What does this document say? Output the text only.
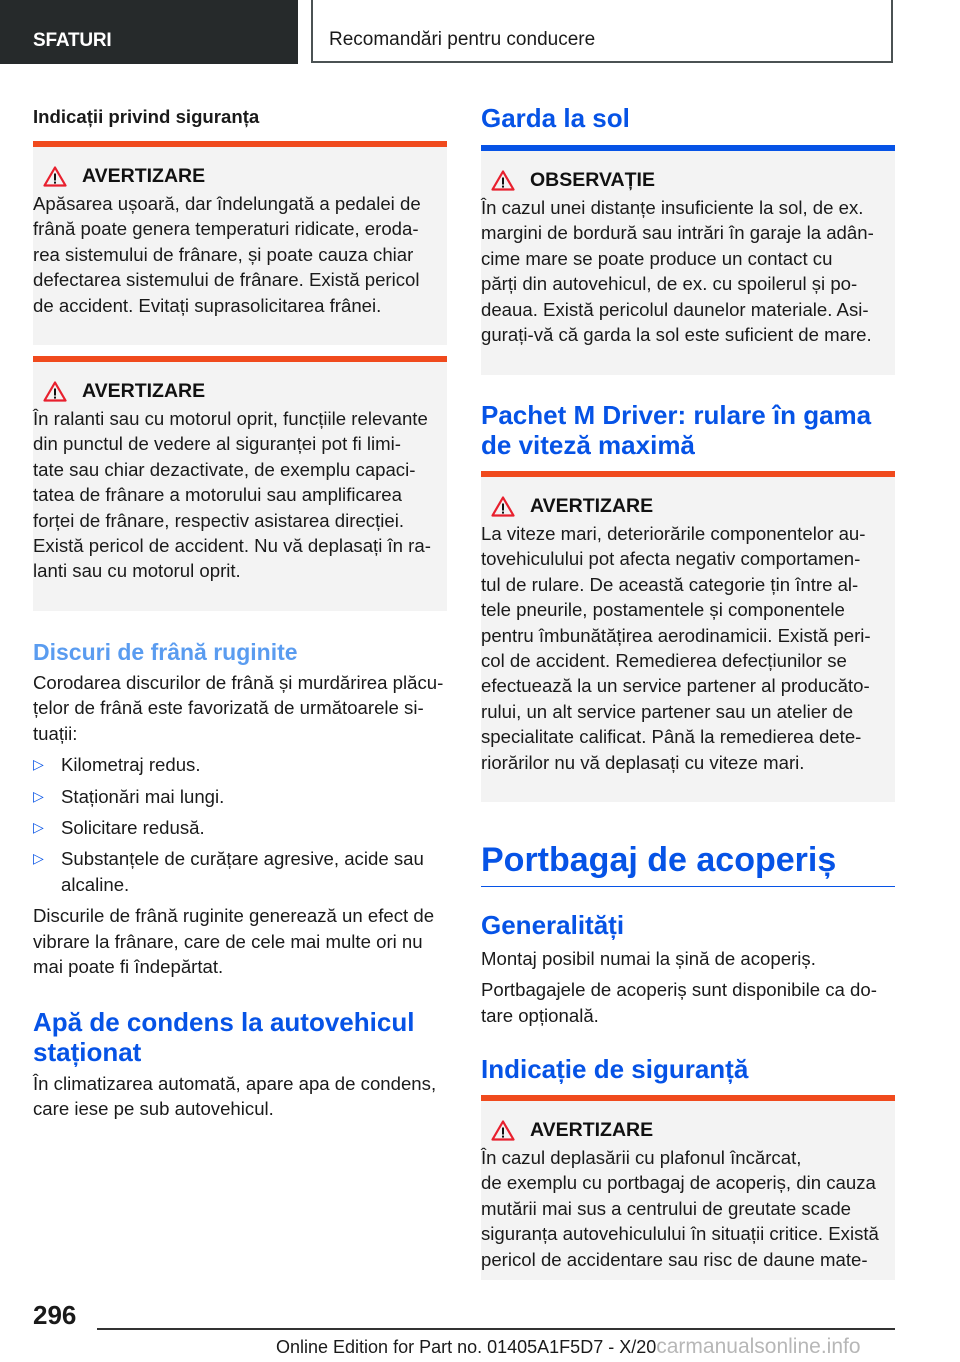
SFATURI	Recomandări pentru conducere
Indicații privind siguranța
AVERTIZARE

Apăsarea ușoară, dar îndelungată a pedalei de

frână poate genera temperaturi ridicate, eroda-

rea sistemului de frânare, și poate cauza chiar

defectarea sistemului de frânare. Există pericol

de accident. Evitați suprasolicitarea frânei.

AVERTIZARE

În ralanti sau cu motorul oprit, funcțiile relevante

din punctul de vedere al siguranței pot fi limi-

tate sau chiar dezactivate, de exemplu capaci-

tatea de frânare a motorului sau amplificarea

forței de frânare, respectiv asistarea direcției.

Există pericol de accident. Nu vă deplasați în ra-

lanti sau cu motorul oprit.

Discuri de frână ruginite

Corodarea discurilor de frână și murdărirea plăcu-

țelor de frână este favorizată de următoarele si-

tuații:

▷ Kilometraj redus.
▷ Staționări mai lungi.
▷ Solicitare redusă.
▷ Substanțele de curățare agresive, acide sau alcaline.

Discurile de frână ruginite generează un efect de

vibrare la frânare, care de cele mai multe ori nu

mai poate fi îndepărtat.

Apă de condens la autovehicul
staționat

În climatizarea automată, apare apa de condens,

care iese pe sub autovehicul.

Garda la sol
OBSERVAȚIE

În cazul unei distanțe insuficiente la sol, de ex.

margini de bordură sau intrări în garaje la adân-

cime mare se poate produce un contact cu

părți din autovehicul, de ex. cu spoilerul și po-

deaua. Există pericolul daunelor materiale. Asi-

gurați-vă că garda la sol este suficient de mare.

Pachet M Driver: rulare în gama
de viteză maximă
AVERTIZARE

La viteze mari, deteriorările componentelor au-

tovehiculului pot afecta negativ comportamen-

tul de rulare. De această categorie țin între al-

tele pneurile, postamentele și componentele

pentru îmbunătățirea aerodinamicii. Există peri-

col de accident. Remedierea defecțiunilor se

efectuează la un service partener al producăto-

rului, un alt service partener sau un atelier de

specialitate calificat. Până la remedierea dete-

riorărilor nu vă deplasați cu viteze mari.

Portbagaj de acoperiș
Generalități

Montaj posibil numai la șină de acoperiș.

Portbagajele de acoperiș sunt disponibile ca do-

tare opțională.

Indicație de siguranță
AVERTIZARE

În cazul deplasării cu plafonul încărcat,

de exemplu cu portbagaj de acoperiș, din cauza

mutării mai sus a centrului de greutate scade

siguranța autovehiculului în situații critice. Există

pericol de accidentare sau risc de daune mate-

296
Online Edition for Part no. 01405A1F5D7 - X/20carmanualsonline.info
